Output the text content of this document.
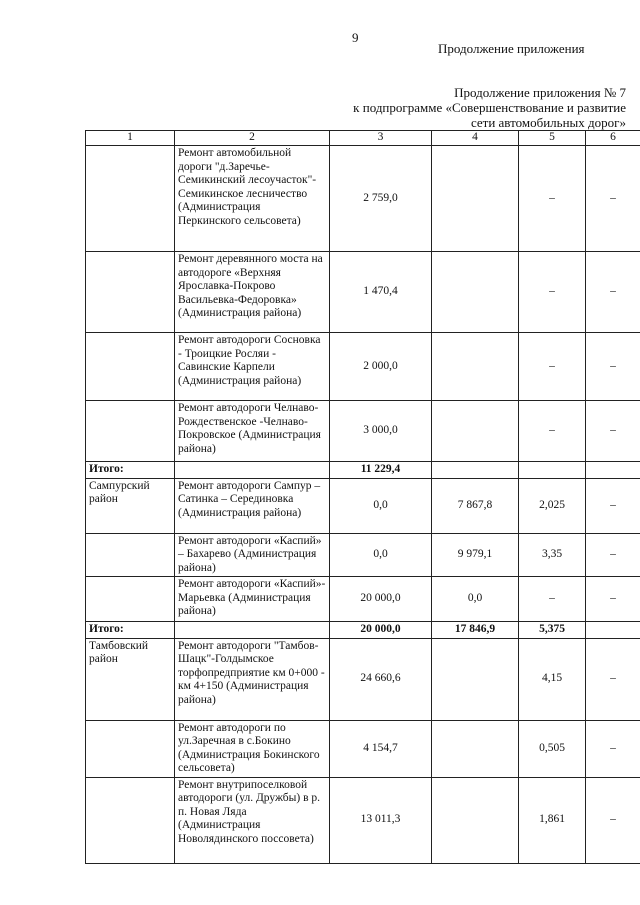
9
Продолжение приложения
Продолжение приложения № 7
к подпрограмме «Совершенствование и развитие
сети автомобильных дорог»
1	2	3	4	5	6
	Ремонт автомобильной дороги "д.Заречье-Семикинский лесоучасток"-Семикинское лесничество (Администрация Перкинского сельсовета)	2 759,0		–	–
	Ремонт деревянного моста на автодороге «Верхняя Ярославка-Покрово Васильевка-Федоровка» (Администрация района)	1 470,4		–	–
	Ремонт автодороги Сосновка - Троицкие Росляи - Савинские Карпели (Администрация района)	2 000,0		–	–
	Ремонт автодороги Челнаво- Рождественское -Челнаво-Покровское (Администрация района)	3 000,0		–	–
Итого:		11 229,4			
Сампурский район	Ремонт автодороги Сампур – Сатинка – Серединовка (Администрация района)	0,0	7 867,8	2,025	–
	Ремонт автодороги «Каспий» – Бахарево (Администрация района)	0,0	9 979,1	3,35	–
	Ремонт автодороги «Каспий»- Марьевка (Администрация района)	20 000,0	0,0	–	–
Итого:		20 000,0	17 846,9	5,375	
Тамбовский район	Ремонт автодороги "Тамбов-Шацк"-Голдымское торфопредприятие км 0+000 - км 4+150 (Администрация района)	24 660,6		4,15	–
	Ремонт автодороги по ул.Заречная в с.Бокино (Администрация Бокинского сельсовета)	4 154,7		0,505	–
	Ремонт внутрипоселковой автодороги (ул. Дружбы) в р. п. Новая Ляда (Администрация Новолядинского поссовета)	13 011,3		1,861	–
